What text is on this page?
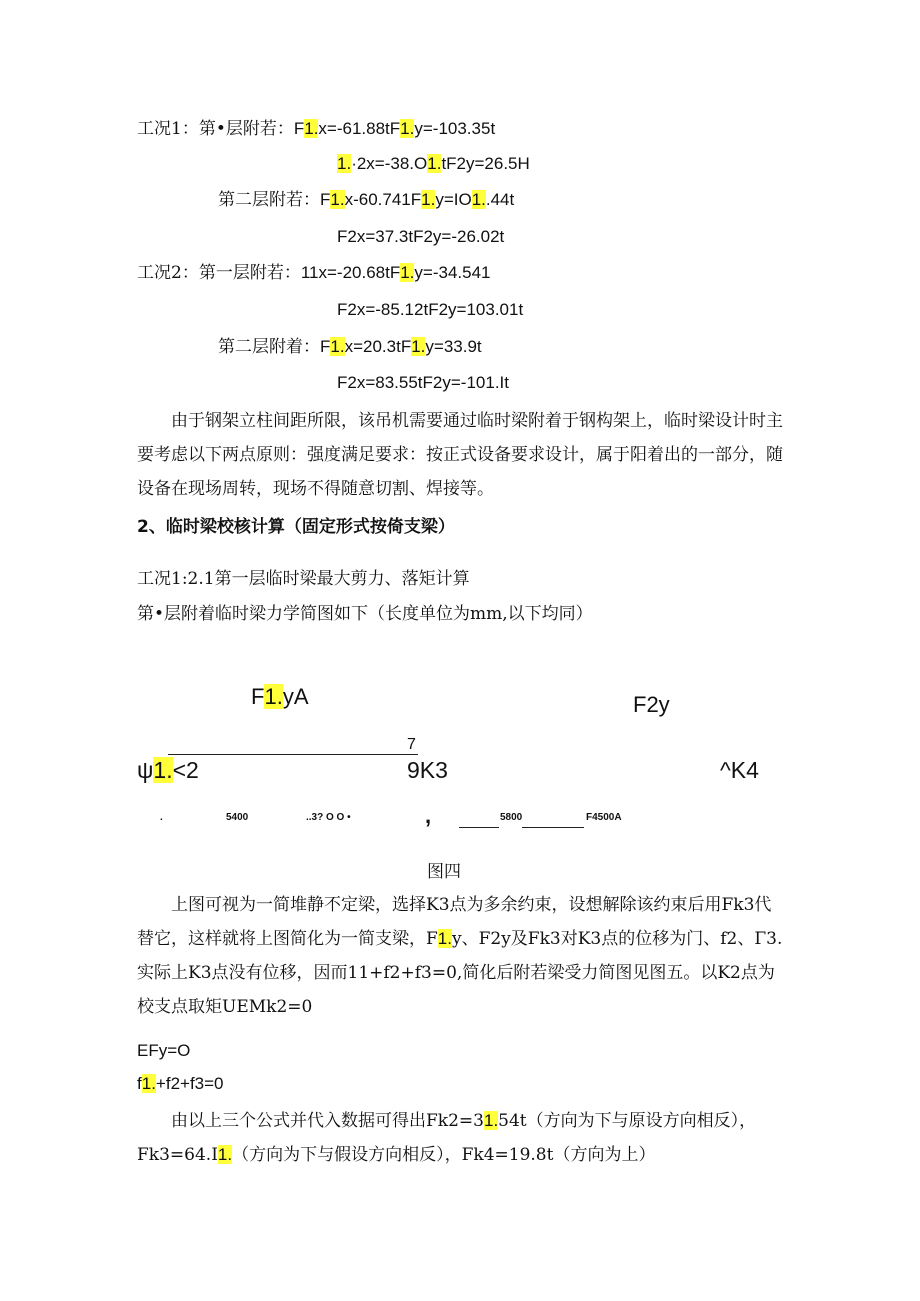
工况1：第•层附若：F1.x=-61.88tF1.y=-103.35t
1.·2x=-38.O1.tF2y=26.5H
第二层附若：F1.x-60.741F1.y=IO1..44t
F2x=37.3tF2y=-26.02t
工况2：第一层附若：11x=-20.68tF1.y=-34.541
F2x=-85.12tF2y=103.01t
第二层附着：F1.x=20.3tF1.y=33.9t
F2x=83.55tF2y=-101.It
由于钢架立柱间距所限，该吊机需要通过临时梁附着于钢构架上，临时梁设计时主要考虑以下两点原则：强度满足要求：按正式设备要求设计，属于阳着出的一部分，随设备在现场周转，现场不得随意切割、焊接等。
2、临时梁校核计算（固定形式按倚支梁）
工况1:2.1第一层临时梁最大剪力、落矩计算
第•层附着临时梁力学简图如下（长度单位为mm,以下均同）
F1.yA	F2y
7
ψ1.<2	9K3	^K4
.	5400	..3? O O •	,	5800	F4500A
图四
上图可视为一简堆静不定梁，选择K3点为多余约束，设想解除该约束后用Fk3代替它，这样就将上图简化为一简支梁，F1.y、F2y及Fk3对K3点的位移为门、f2、Γ3.实际上K3点没有位移，因而11+f2+f3=0,简化后附若梁受力简图见图五。以K2点为校支点取矩UEMk2=0
EFy=O
f1.+f2+f3=0
由以上三个公式并代入数据可得出Fk2=31.54t（方向为下与原设方向相反），Fk3=64.I1.（方向为下与假设方向相反），Fk4=19.8t（方向为上）
